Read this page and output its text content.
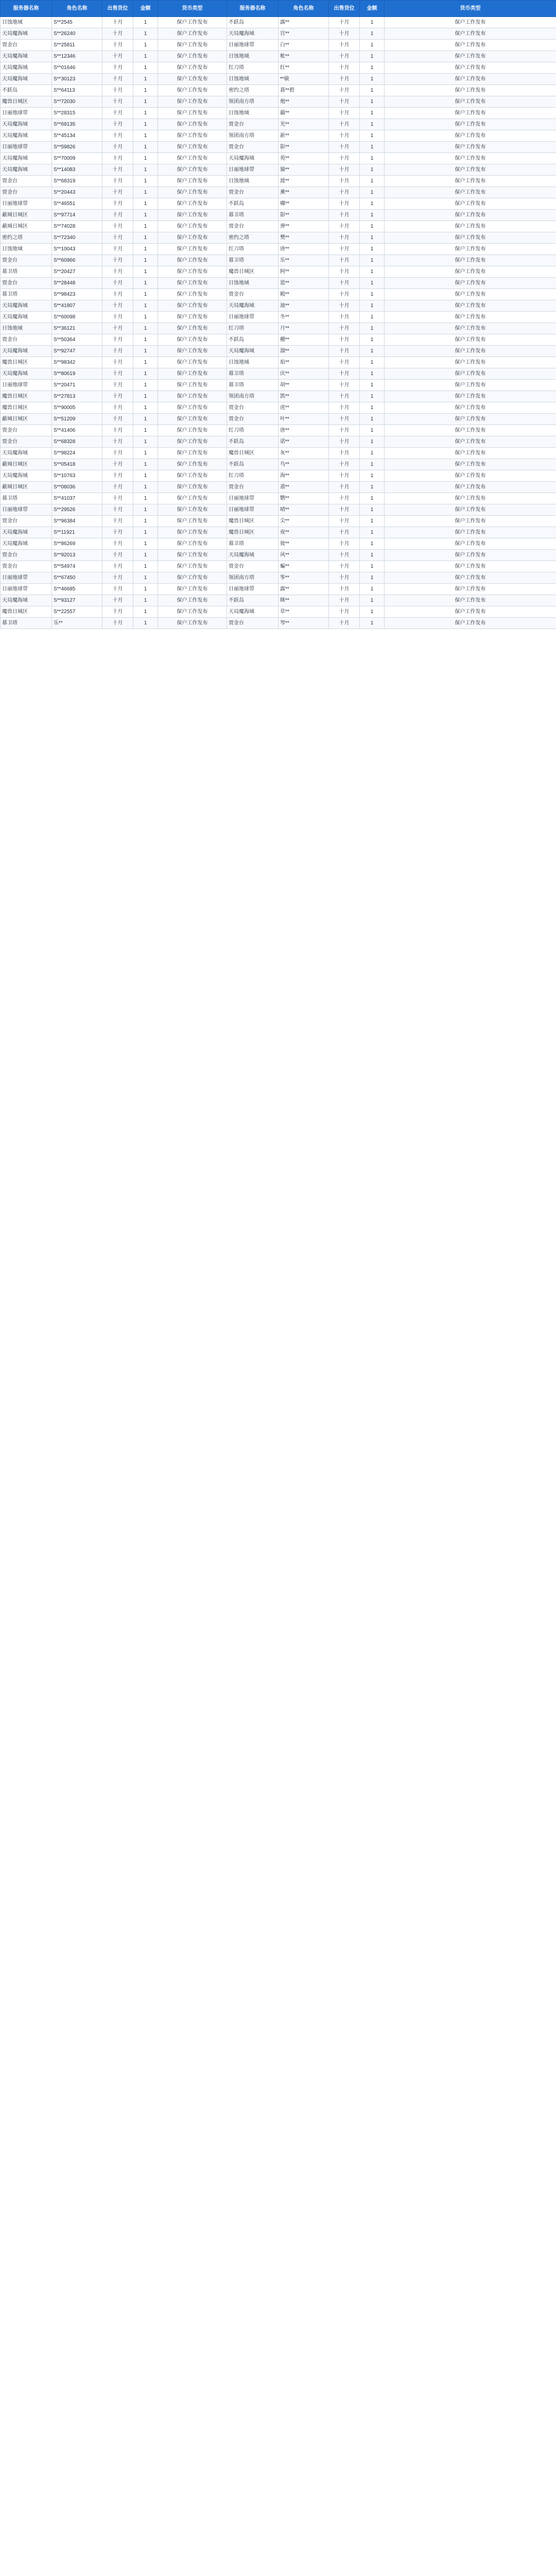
服务器名称	角色名称	出售货位	金额	货币类型	服务器名称	角色名称	出售货位	金额	货币类型
日蚀地域	S**2545	十月	1	保户工作发布	不跃岛	露**	十月	1	保户工作发布
天局魔海域	S**26240	十月	1	保户工作发布	天局魔海域	宫**	十月	1	保户工作发布
贾金台	S**25811	十月	1	保户工作发布	日丽地球带	白**	十月	1	保户工作发布
天局魔海域	S**12346	十月	1	保户工作发布	日蚀地域	帐**	十月	1	保户工作发布
天局魔海域	S**01646	十月	1	保户工作发布	红刀塔	红**	十月	1	保户工作发布
天局魔海域	S**30123	十月	1	保户工作发布	日蚀地域	**敏	十月	1	保户工作发布
不跃岛	S**64113	十月	1	保户工作发布	密约之塔	暮**碧	十月	1	保户工作发布
魔兽日城区	S**72030	十月	1	保户工作发布	领团南方塔	炮**	十月	1	保户工作发布
日丽地球带	S**28315	十月	1	保户工作发布	日蚀地域	疆**	十月	1	保户工作发布
天局魔海域	S**69135	十月	1	保户工作发布	贾金台	光**	十月	1	保户工作发布
天局魔海域	S**45134	十月	1	保户工作发布	领团南方塔	新**	十月	1	保户工作发布
日丽地球带	S**59826	十月	1	保户工作发布	贾金台	影**	十月	1	保户工作发布
天局魔海域	S**70009	十月	1	保户工作发布	天局魔海域	苑**	十月	1	保户工作发布
天局魔海域	S**14083	十月	1	保户工作发布	日丽地球带	猫**	十月	1	保户工作发布
贾金台	S**68319	十月	1	保户工作发布	日蚀地域	渡**	十月	1	保户工作发布
贾金台	S**20443	十月	1	保户工作发布	贾金台	薰**	十月	1	保户工作发布
日丽地球带	S**46551	十月	1	保户工作发布	不跃岛	嘟**	十月	1	保户工作发布
蔽城日城区	S**97714	十月	1	保户工作发布	幕卫塔	影**	十月	1	保户工作发布
蔽城日城区	S**74028	十月	1	保户工作发布	贾金台	弹**	十月	1	保户工作发布
密约之塔	S**72340	十月	1	保户工作发布	密约之塔	樊**	十月	1	保户工作发布
日蚀地域	S**10043	十月	1	保户工作发布	红刀塔	唐**	十月	1	保户工作发布
贾金台	S**60966	十月	1	保户工作发布	幕卫塔	乐**	十月	1	保户工作发布
幕卫塔	S**20427	十月	1	保户工作发布	魔兽日城区	阿**	十月	1	保户工作发布
贾金台	S**28448	十月	1	保户工作发布	日蚀地域	恩**	十月	1	保户工作发布
幕卫塔	S**98423	十月	1	保户工作发布	贾金台	殿**	十月	1	保户工作发布
天局魔海域	S**41807	十月	1	保户工作发布	天局魔海域	迪**	十月	1	保户工作发布
天局魔海域	S**60098	十月	1	保户工作发布	日丽地球带	冬**	十月	1	保户工作发布
日蚀地域	S**36121	十月	1	保户工作发布	红刀塔	月**	十月	1	保户工作发布
贾金台	S**50364	十月	1	保户工作发布	不跃岛	棚**	十月	1	保户工作发布
天局魔海域	S**92747	十月	1	保户工作发布	天局魔海域	溜**	十月	1	保户工作发布
魔兽日城区	S**98342	十月	1	保户工作发布	日蚀地域	焰**	十月	1	保户工作发布
天局魔海域	S**80619	十月	1	保户工作发布	幕卫塔	庆**	十月	1	保户工作发布
日丽地球带	S**20471	十月	1	保户工作发布	幕卫塔	胡**	十月	1	保户工作发布
魔兽日城区	S**27813	十月	1	保户工作发布	领团南方塔	凯**	十月	1	保户工作发布
魔兽日城区	S**90005	十月	1	保户工作发布	贾金台	虎**	十月	1	保户工作发布
蔽城日城区	S**51209	十月	1	保户工作发布	贾金台	叶**	十月	1	保户工作发布
贾金台	S**41406	十月	1	保户工作发布	红刀塔	唐**	十月	1	保户工作发布
贾金台	S**68328	十月	1	保户工作发布	不跃岛	诺**	十月	1	保户工作发布
天局魔海域	S**98224	十月	1	保户工作发布	魔兽日城区	灰**	十月	1	保户工作发布
蔽城日城区	S**05418	十月	1	保户工作发布	不跃岛	鸟**	十月	1	保户工作发布
天局魔海域	S**10763	十月	1	保户工作发布	红刀塔	海**	十月	1	保户工作发布
蔽城日城区	S**08036	十月	1	保户工作发布	贾金台	翡**	十月	1	保户工作发布
幕卫塔	S**41037	十月	1	保户工作发布	日丽地球带	鹦**	十月	1	保户工作发布
日丽地球带	S**29526	十月	1	保户工作发布	日丽地球带	晴**	十月	1	保户工作发布
贾金台	S**96384	十月	1	保户工作发布	魔兽日城区	尖**	十月	1	保户工作发布
天局魔海域	S**11921	十月	1	保户工作发布	魔兽日城区	夜**	十月	1	保户工作发布
天局魔海域	S**86269	十月	1	保户工作发布	幕卫塔	彼**	十月	1	保户工作发布
贾金台	S**92013	十月	1	保户工作发布	天局魔海域	风**	十月	1	保户工作发布
贾金台	S**54974	十月	1	保户工作发布	贾金台	蝙**	十月	1	保户工作发布
日丽地球带	S**67450	十月	1	保户工作发布	领团南方塔	筝**	十月	1	保户工作发布
日丽地球带	S**46685	十月	1	保户工作发布	日丽地球带	露**	十月	1	保户工作发布
天局魔海域	S**93127	十月	1	保户工作发布	不跃岛	眯**	十月	1	保户工作发布
魔兽日城区	S**22557	十月	1	保户工作发布	天局魔海域	草**	十月	1	保户工作发布
幕卫塔	乐**	十月	1	保户工作发布	贾金台	琴**	十月	1	保户工作发布
